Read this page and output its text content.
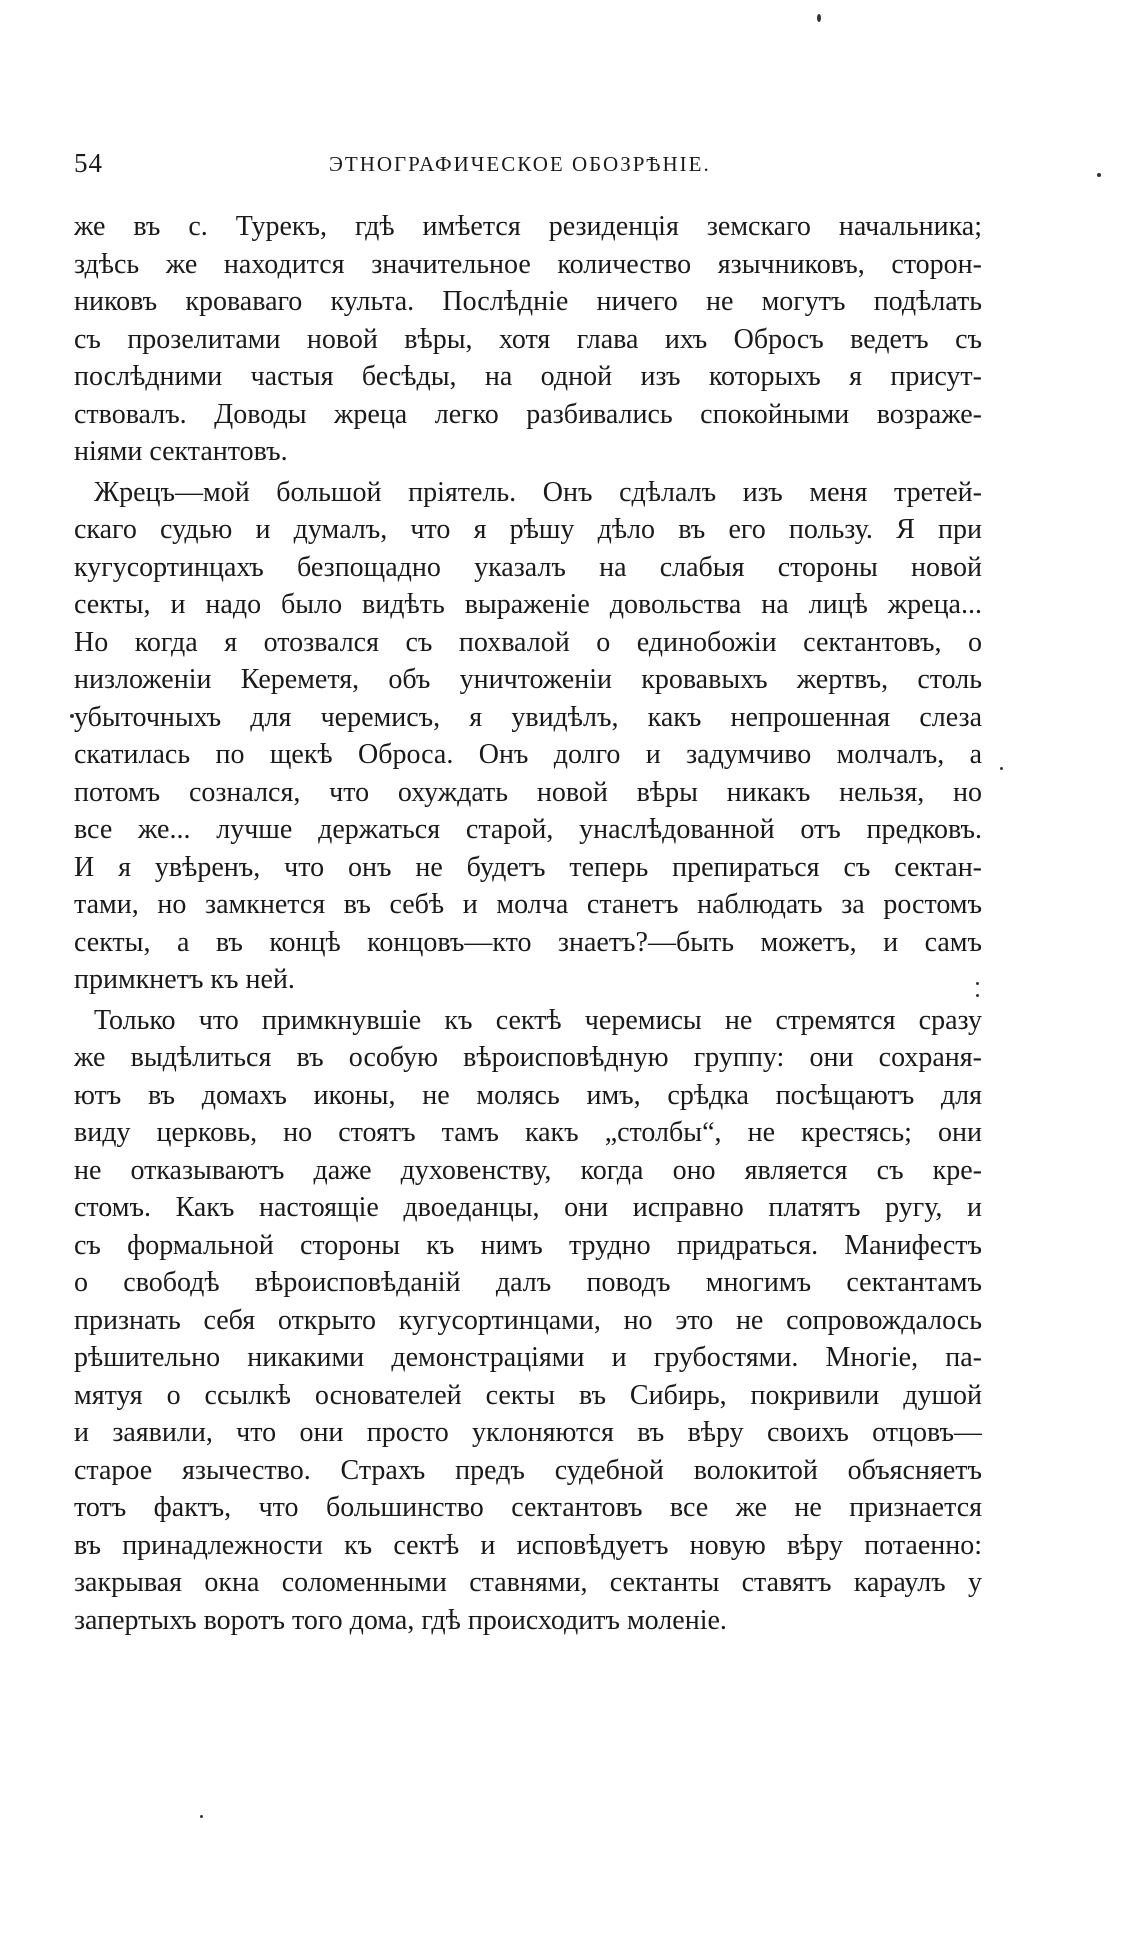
54	ЭТНОГРАФИЧЕСКОЕ ОБОЗРѢНІЕ.
же въ с. Турекъ, гдѣ имѣется резиденція земскаго начальника;
здѣсь же находится значительное количество язычниковъ, сторон-
никовъ кроваваго культа. Послѣдніе ничего не могутъ подѣлать
съ прозелитами новой вѣры, хотя глава ихъ Обросъ ведетъ съ
послѣдними частыя бесѣды, на одной изъ которыхъ я присут-
ствовалъ. Доводы жреца легко разбивались спокойными возраже-
ніями сектантовъ.
Жрецъ—мой большой пріятель. Онъ сдѣлалъ изъ меня третей-
скаго судью и думалъ, что я рѣшу дѣло въ его пользу. Я при
кугусортинцахъ безпощадно указалъ на слабыя стороны новой
секты, и надо было видѣть выраженіе довольства на лицѣ жреца...
Но когда я отозвался съ похвалой о единобожіи сектантовъ, о
низложеніи Кереметя, объ уничтоженіи кровавыхъ жертвъ, столь
убыточныхъ для черемисъ, я увидѣлъ, какъ непрошенная слеза
скатилась по щекѣ Оброса. Онъ долго и задумчиво молчалъ, а
потомъ сознался, что охуждать новой вѣры никакъ нельзя, но
все же... лучше держаться старой, унаслѣдованной отъ предковъ.
И я увѣренъ, что онъ не будетъ теперь препираться съ сектан-
тами, но замкнется въ себѣ и молча станетъ наблюдать за ростомъ
секты, а въ концѣ концовъ—кто знаетъ?—быть можетъ, и самъ
примкнетъ къ ней.
Только что примкнувшіе къ сектѣ черемисы не стремятся сразу
же выдѣлиться въ особую вѣроисповѣдную группу: они сохраня-
ютъ въ домахъ иконы, не молясь имъ, срѣдка посѣщаютъ для
виду церковь, но стоятъ тамъ какъ „столбы“, не крестясь; они
не отказываютъ даже духовенству, когда оно является съ кре-
стомъ. Какъ настоящіе двоеданцы, они исправно платятъ ругу, и
съ формальной стороны къ нимъ трудно придраться. Манифестъ
о свободѣ вѣроисповѣданій далъ поводъ многимъ сектантамъ
признать себя открыто кугусортинцами, но это не сопровождалось
рѣшительно никакими демонстраціями и грубостями. Многіе, па-
мятуя о ссылкѣ основателей секты въ Сибирь, покривили душой
и заявили, что они просто уклоняются въ вѣру своихъ отцовъ—
старое язычество. Страхъ предъ судебной волокитой объясняетъ
тотъ фактъ, что большинство сектантовъ все же не признается
въ принадлежности къ сектѣ и исповѣдуетъ новую вѣру потаенно:
закрывая окна соломенными ставнями, сектанты ставятъ караулъ у
запертыхъ воротъ того дома, гдѣ происходитъ моленіе.
